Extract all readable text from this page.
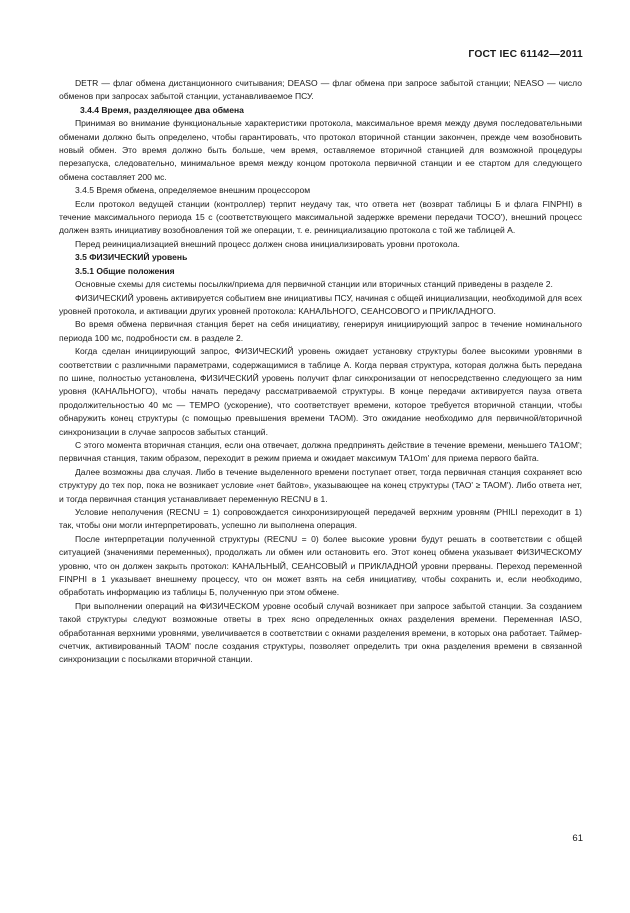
ГОСТ IEC 61142—2011

DETR — флаг обмена дистанционного считывания; DEASO — флаг обмена при запросе забытой станции; NEASO — число обменов при запросах забытой станции, устанавливаемое ПСУ.

3.4.4 Время, разделяющее два обмена

Принимая во внимание функциональные характеристики протокола, максимальное время между двумя последовательными обменами должно быть определено, чтобы гарантировать, что протокол вторичной станции закончен, прежде чем возобновить новый обмен. Это время должно быть больше, чем время, оставляемое вторичной станцией для возможной процедуры перезапуска, следовательно, минимальное время между концом протокола первичной станции и ее стартом для следующего обмена составляет 200 мс.

3.4.5 Время обмена, определяемое внешним процессором

Если протокол ведущей станции (контроллер) терпит неудачу так, что ответа нет (возврат таблицы Б и флага FINPHI) в течение максимального периода 15 с (соответствующего максимальной задержке времени передачи TOCO'), внешний процесс должен взять инициативу возобновления той же операции, т. е. реинициализацию протокола с той же таблицей А.

Перед реинициализацией внешний процесс должен снова инициализировать уровни протокола.

3.5 ФИЗИЧЕСКИЙ уровень

3.5.1 Общие положения

Основные схемы для системы посылки/приема для первичной станции или вторичных станций приведены в разделе 2.

ФИЗИЧЕСКИЙ уровень активируется событием вне инициативы ПСУ, начиная с общей инициализации, необходимой для всех уровней протокола, и активации других уровней протокола: КАНАЛЬНОГО, СЕАНСОВОГО и ПРИКЛАДНОГО.

Во время обмена первичная станция берет на себя инициативу, генерируя инициирующий запрос в течение номинального периода 100 мс, подробности см. в разделе 2.

Когда сделан инициирующий запрос, ФИЗИЧЕСКИЙ уровень ожидает установку структуры более высокими уровнями в соответствии с различными параметрами, содержащимися в таблице А. Когда первая структура, которая должна быть передана по шине, полностью установлена, ФИЗИЧЕСКИЙ уровень получит флаг синхронизации от непосредственно следующего за ним уровня (КАНАЛЬНОГО), чтобы начать передачу рассматриваемой структуры. В конце передачи активируется пауза ответа продолжительностью 40 мс — TEMPO (ускорение), что соответствует времени, которое требуется вторичной станции, чтобы обнаружить конец структуры (с помощью превышения времени TAOM). Это ожидание необходимо для первичной/вторичной синхронизации в случае запросов забытых станций.

С этого момента вторичная станция, если она отвечает, должна предпринять действие в течение времени, меньшего TA1OM'; первичная станция, таким образом, переходит в режим приема и ожидает максимум TA1Om' для приема первого байта.

Далее возможны два случая. Либо в течение выделенного времени поступает ответ, тогда первичная станция сохраняет всю структуру до тех пор, пока не возникает условие «нет байтов», указывающее на конец структуры (TAO' ≥ TAOM'). Либо ответа нет, и тогда первичная станция устанавливает переменную RECNU в 1.

Условие неполучения (RECNU = 1) сопровождается синхронизирующей передачей верхним уровням (PHILI переходит в 1) так, чтобы они могли интерпретировать, успешно ли выполнена операция.

После интерпретации полученной структуры (RECNU = 0) более высокие уровни будут решать в соответствии с общей ситуацией (значениями переменных), продолжать ли обмен или остановить его. Этот конец обмена указывает ФИЗИЧЕСКОМУ уровню, что он должен закрыть протокол: КАНАЛЬНЫЙ, СЕАНСОВЫЙ и ПРИКЛАДНОЙ уровни прерваны. Переход переменной FINPHI в 1 указывает внешнему процессу, что он может взять на себя инициативу, чтобы сохранить и, если необходимо, обработать информацию из таблицы Б, полученную при этом обмене.

При выполнении операций на ФИЗИЧЕСКОМ уровне особый случай возникает при запросе забытой станции. За созданием такой структуры следуют возможные ответы в трех ясно определенных окнах разделения времени. Переменная IASO, обработанная верхними уровнями, увеличивается в соответствии с окнами разделения времени, в которых она работает. Таймер-счетчик, активированный TAOM' после создания структуры, позволяет определить три окна разделения времени в связанной синхронизации с посылками вторичной станции.

61
